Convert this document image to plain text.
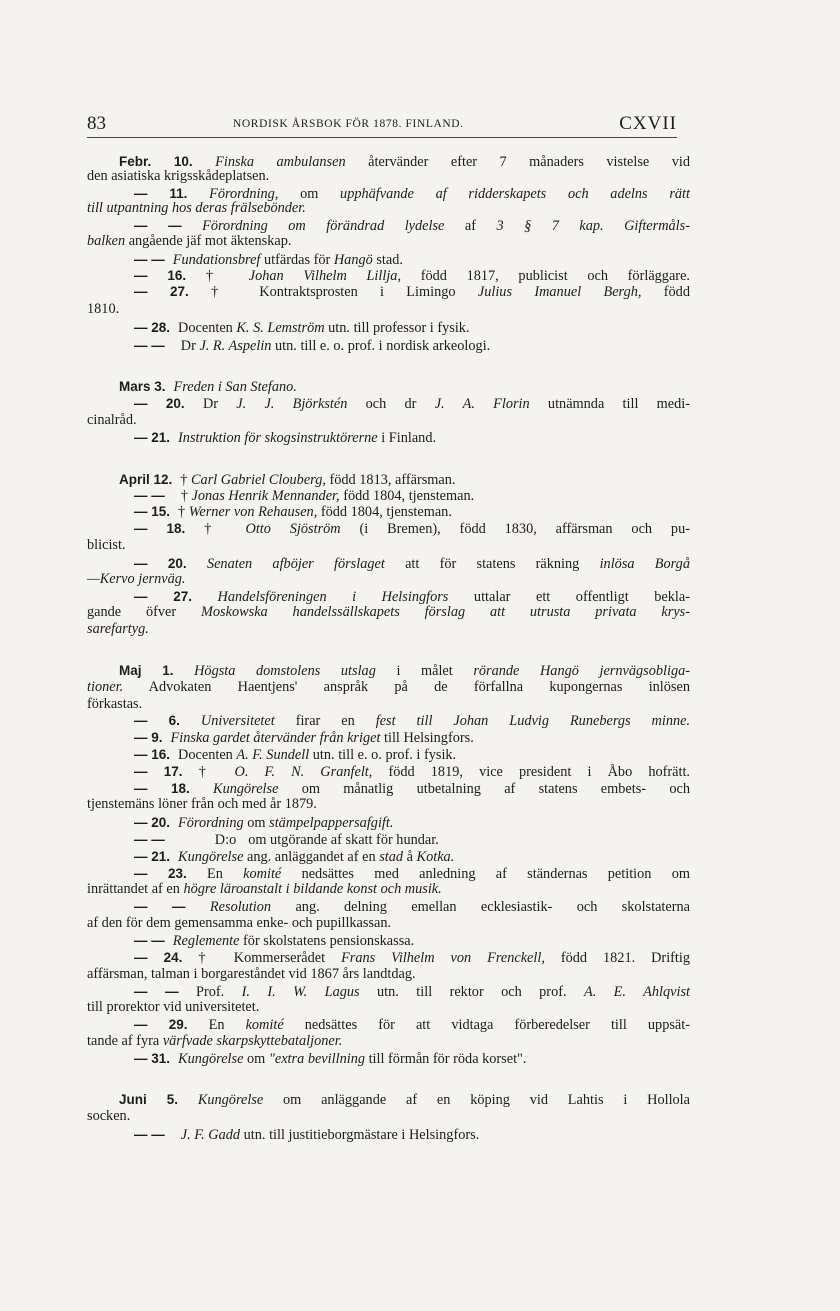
83	NORDISK ÅRSBOK FÖR 1878. FINLAND.	CXVII
Febr. 10. Finska ambulansen återvänder efter 7 månaders vistelse vid
den asiatiska krigsskådeplatsen.
— 11. Förordning, om upphäfvande af ridderskapets och adelns rätt
till utpantning hos deras frälsebönder.
— — Förordning om förändrad lydelse af 3 § 7 kap. Giftermåls-
balken angående jäf mot äktenskap.
— — Fundationsbref utfärdas för Hangö stad.
— 16. † Johan Vilhelm Lillja, född 1817, publicist och förläggare.
— 27. † Kontraktsprosten i Limingo Julius Imanuel Bergh, född
1810.
— 28. Docenten K. S. Lemström utn. till professor i fysik.
— — Dr J. R. Aspelin utn. till e. o. prof. i nordisk arkeologi.
Mars 3. Freden i San Stefano.
— 20. Dr J. J. Björkstén och dr J. A. Florin utnämnda till medi-
cinalråd.
— 21. Instruktion för skogsinstruktörerne i Finland.
April 12. † Carl Gabriel Clouberg, född 1813, affärsman.
— — † Jonas Henrik Mennander, född 1804, tjensteman.
— 15. † Werner von Rehausen, född 1804, tjensteman.
— 18. † Otto Sjöström (i Bremen), född 1830, affärsman och pu-
blicist.
— 20. Senaten afböjer förslaget att för statens räkning inlösa Borgå
—Kervo jernväg.
— 27. Handelsföreningen i Helsingfors uttalar ett offentligt bekla-
gande öfver Moskowska handelssällskapets förslag att utrusta privata krys-
sarefartyg.
Maj 1. Högsta domstolens utslag i målet rörande Hangö jernvägsobliga-
tioner. Advokaten Haentjens' anspråk på de förfallna kupongernas inlösen
förkastas.
— 6. Universitetet firar en fest till Johan Ludvig Runebergs minne.
— 9. Finska gardet återvänder från kriget till Helsingfors.
— 16. Docenten A. F. Sundell utn. till e. o. prof. i fysik.
— 17. † O. F. N. Granfelt, född 1819, vice president i Åbo hofrätt.
— 18. Kungörelse om månatlig utbetalning af statens embets- och
tjenstemäns löner från och med år 1879.
— 20. Förordning om stämpelpappersafgift.
— —	D:o om utgörande af skatt för hundar.
— 21. Kungörelse ang. anläggandet af en stad å Kotka.
— 23. En komité nedsättes med anledning af ständernas petition om
inrättandet af en högre läroanstalt i bildande konst och musik.
— — Resolution ang. delning emellan ecklesiastik- och skolstaterna
af den för dem gemensamma enke- och pupillkassan.
— — Reglemente för skolstatens pensionskassa.
— 24. † Kommerserådet Frans Vilhelm von Frenckell, född 1821. Driftig
affärsman, talman i borgareståndet vid 1867 års landtdag.
— — Prof. I. I. W. Lagus utn. till rektor och prof. A. E. Ahlqvist
till prorektor vid universitetet.
— 29. En komité nedsättes för att vidtaga förberedelser till uppsät-
tande af fyra värfvade skarpskyttebataljoner.
— 31. Kungörelse om "extra bevillning till förmån för röda korset".
Juni 5. Kungörelse om anläggande af en köping vid Lahtis i Hollola
socken.
— — J. F. Gadd utn. till justitieborgmästare i Helsingfors.
